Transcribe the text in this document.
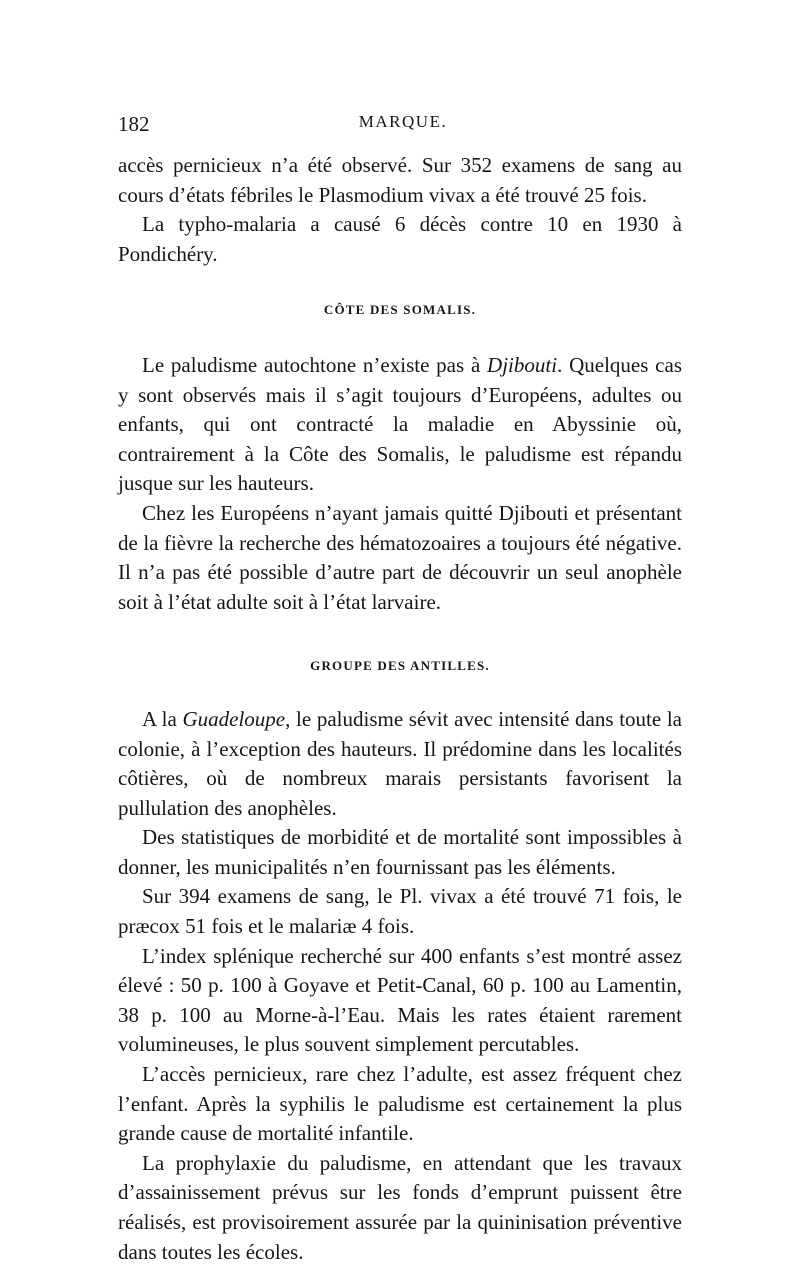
182	MARQUE.

accès pernicieux n’a été observé. Sur 352 examens de sang au cours d’états fébriles le Plasmodium vivax a été trouvé 25 fois.

La typho-malaria a causé 6 décès contre 10 en 1930 à Pondichéry.

CÔTE DES SOMALIS.

Le paludisme autochtone n’existe pas à Djibouti. Quelques cas y sont observés mais il s’agit toujours d’Européens, adultes ou enfants, qui ont contracté la maladie en Abyssinie où, contrairement à la Côte des Somalis, le paludisme est répandu jusque sur les hauteurs.

Chez les Européens n’ayant jamais quitté Djibouti et présentant de la fièvre la recherche des hématozoaires a toujours été négative. Il n’a pas été possible d’autre part de découvrir un seul anophèle soit à l’état adulte soit à l’état larvaire.

GROUPE DES ANTILLES.

A la Guadeloupe, le paludisme sévit avec intensité dans toute la colonie, à l’exception des hauteurs. Il prédomine dans les localités côtières, où de nombreux marais persistants favorisent la pullulation des anophèles.

Des statistiques de morbidité et de mortalité sont impossibles à donner, les municipalités n’en fournissant pas les éléments.

Sur 394 examens de sang, le Pl. vivax a été trouvé 71 fois, le præcox 51 fois et le malariæ 4 fois.

L’index splénique recherché sur 400 enfants s’est montré assez élevé : 50 p. 100 à Goyave et Petit-Canal, 60 p. 100 au Lamentin, 38 p. 100 au Morne-à-l’Eau. Mais les rates étaient rarement volumineuses, le plus souvent simplement percutables.

L’accès pernicieux, rare chez l’adulte, est assez fréquent chez l’enfant. Après la syphilis le paludisme est certainement la plus grande cause de mortalité infantile.

La prophylaxie du paludisme, en attendant que les travaux d’assainissement prévus sur les fonds d’emprunt puissent être réalisés, est provisoirement assurée par la quininisation préventive dans toutes les écoles.
